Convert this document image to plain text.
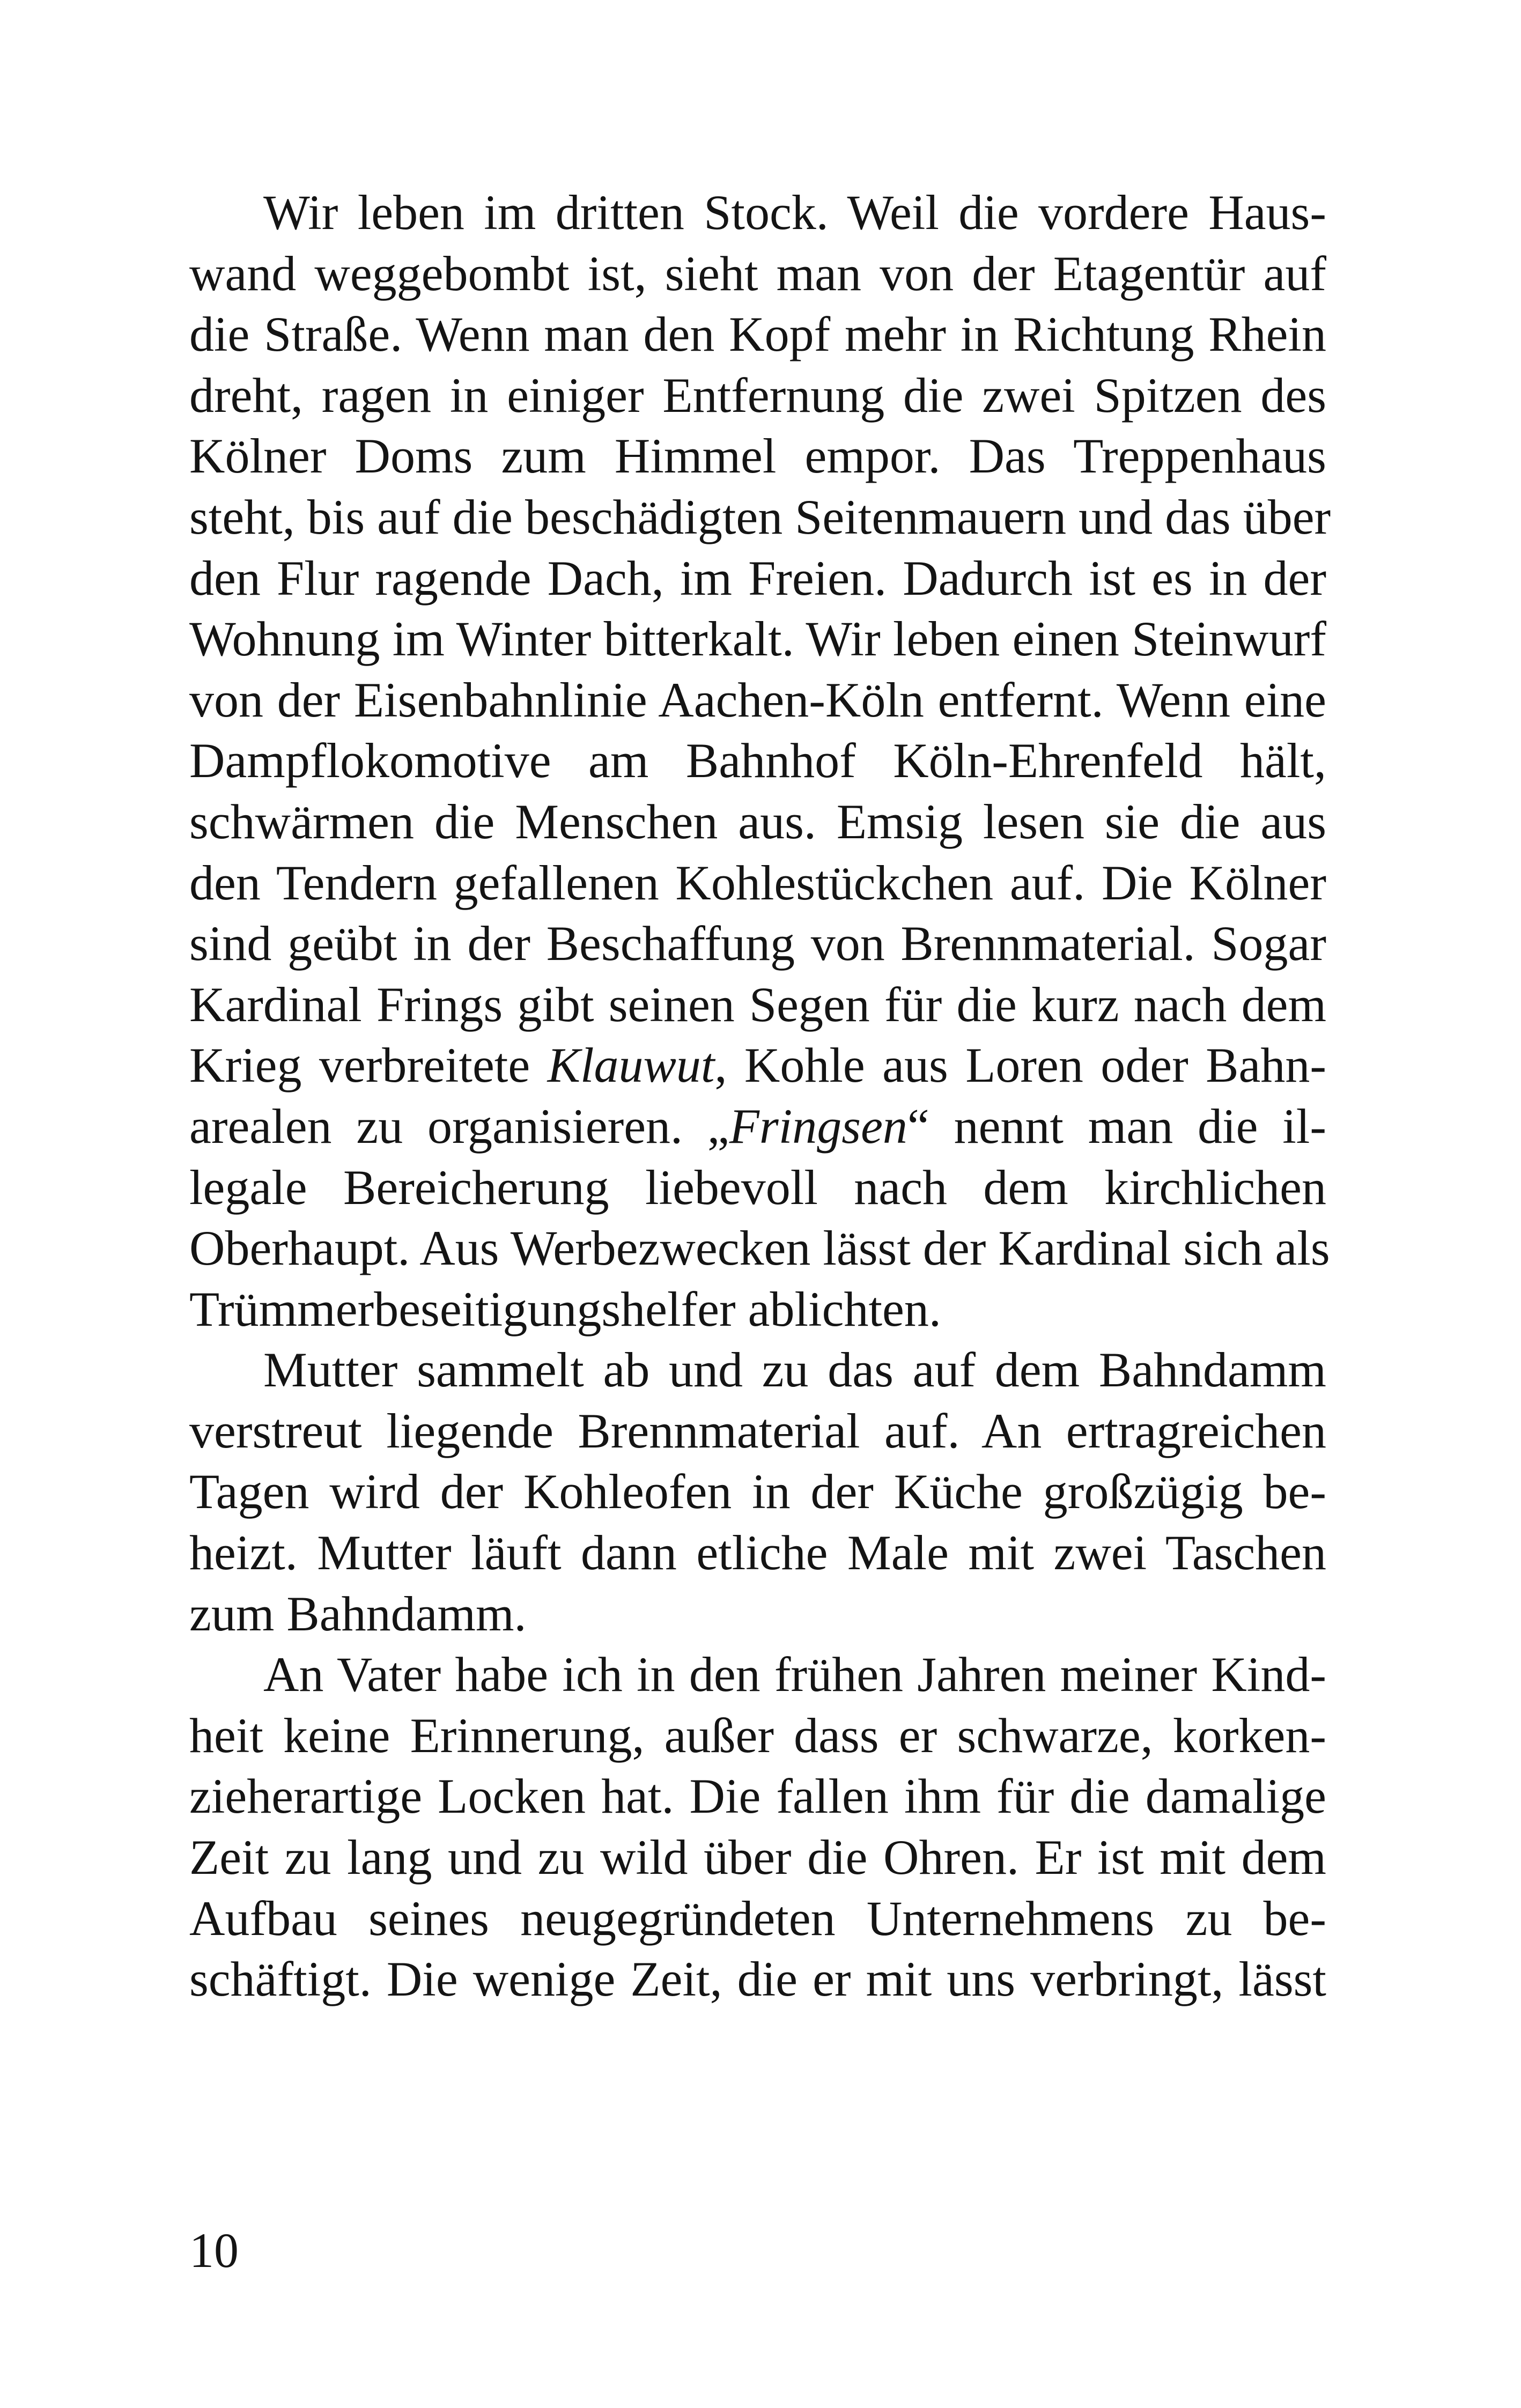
Wir leben im dritten Stock. Weil die vordere Haus-
wand weggebombt ist, sieht man von der Etagentür auf
die Straße. Wenn man den Kopf mehr in Richtung Rhein
dreht, ragen in einiger Entfernung die zwei Spitzen des
Kölner Doms zum Himmel empor. Das Treppenhaus
steht, bis auf die beschädigten Seitenmauern und das über
den Flur ragende Dach, im Freien. Dadurch ist es in der
Wohnung im Winter bitterkalt. Wir leben einen Steinwurf
von der Eisenbahnlinie Aachen-Köln entfernt. Wenn eine
Dampflokomotive am Bahnhof Köln-Ehrenfeld hält,
schwärmen die Menschen aus. Emsig lesen sie die aus
den Tendern gefallenen Kohlestückchen auf. Die Kölner
sind geübt in der Beschaffung von Brennmaterial. Sogar
Kardinal Frings gibt seinen Segen für die kurz nach dem
Krieg verbreitete Klauwut, Kohle aus Loren oder Bahn-
arealen zu organisieren. „Fringsen“ nennt man die il-
legale Bereicherung liebevoll nach dem kirchlichen
Oberhaupt. Aus Werbezwecken lässt der Kardinal sich als
Trümmerbeseitigungshelfer ablichten.
Mutter sammelt ab und zu das auf dem Bahndamm
verstreut liegende Brennmaterial auf. An ertragreichen
Tagen wird der Kohleofen in der Küche großzügig be-
heizt. Mutter läuft dann etliche Male mit zwei Taschen
zum Bahndamm.
An Vater habe ich in den frühen Jahren meiner Kind-
heit keine Erinnerung, außer dass er schwarze, korken-
zieherartige Locken hat. Die fallen ihm für die damalige
Zeit zu lang und zu wild über die Ohren. Er ist mit dem
Aufbau seines neugegründeten Unternehmens zu be-
schäftigt. Die wenige Zeit, die er mit uns verbringt, lässt
10
